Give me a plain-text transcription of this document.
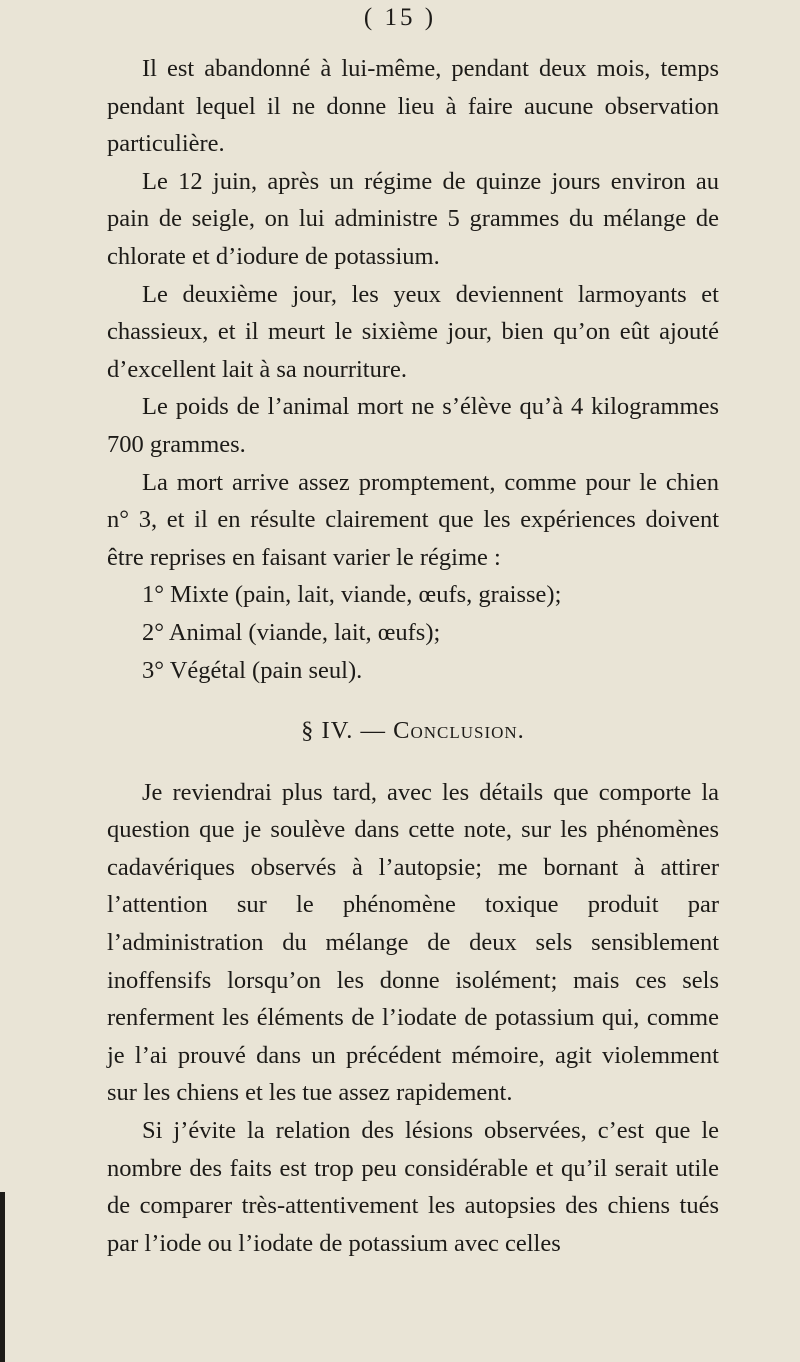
( 15 )

Il est abandonné à lui-même, pendant deux mois, temps pendant lequel il ne donne lieu à faire aucune observation particulière.

Le 12 juin, après un régime de quinze jours environ au pain de seigle, on lui administre 5 grammes du mélange de chlorate et d’iodure de potassium.

Le deuxième jour, les yeux deviennent larmoyants et chassieux, et il meurt le sixième jour, bien qu’on eût ajouté d’excellent lait à sa nourriture.

Le poids de l’animal mort ne s’élève qu’à 4 kilogrammes 700 grammes.

La mort arrive assez promptement, comme pour le chien n° 3, et il en résulte clairement que les expériences doivent être reprises en faisant varier le régime :

1° Mixte (pain, lait, viande, œufs, graisse);

2° Animal (viande, lait, œufs);

3° Végétal (pain seul).

§ IV. — Conclusion.

Je reviendrai plus tard, avec les détails que comporte la question que je soulève dans cette note, sur les phénomènes cadavériques observés à l’autopsie; me bornant à attirer l’attention sur le phénomène toxique produit par l’administration du mélange de deux sels sensiblement inoffensifs lorsqu’on les donne isolément; mais ces sels renferment les éléments de l’iodate de potassium qui, comme je l’ai prouvé dans un précédent mémoire, agit violemment sur les chiens et les tue assez rapidement.

Si j’évite la relation des lésions observées, c’est que le nombre des faits est trop peu considérable et qu’il serait utile de comparer très-attentivement les autopsies des chiens tués par l’iode ou l’iodate de potassium avec celles
